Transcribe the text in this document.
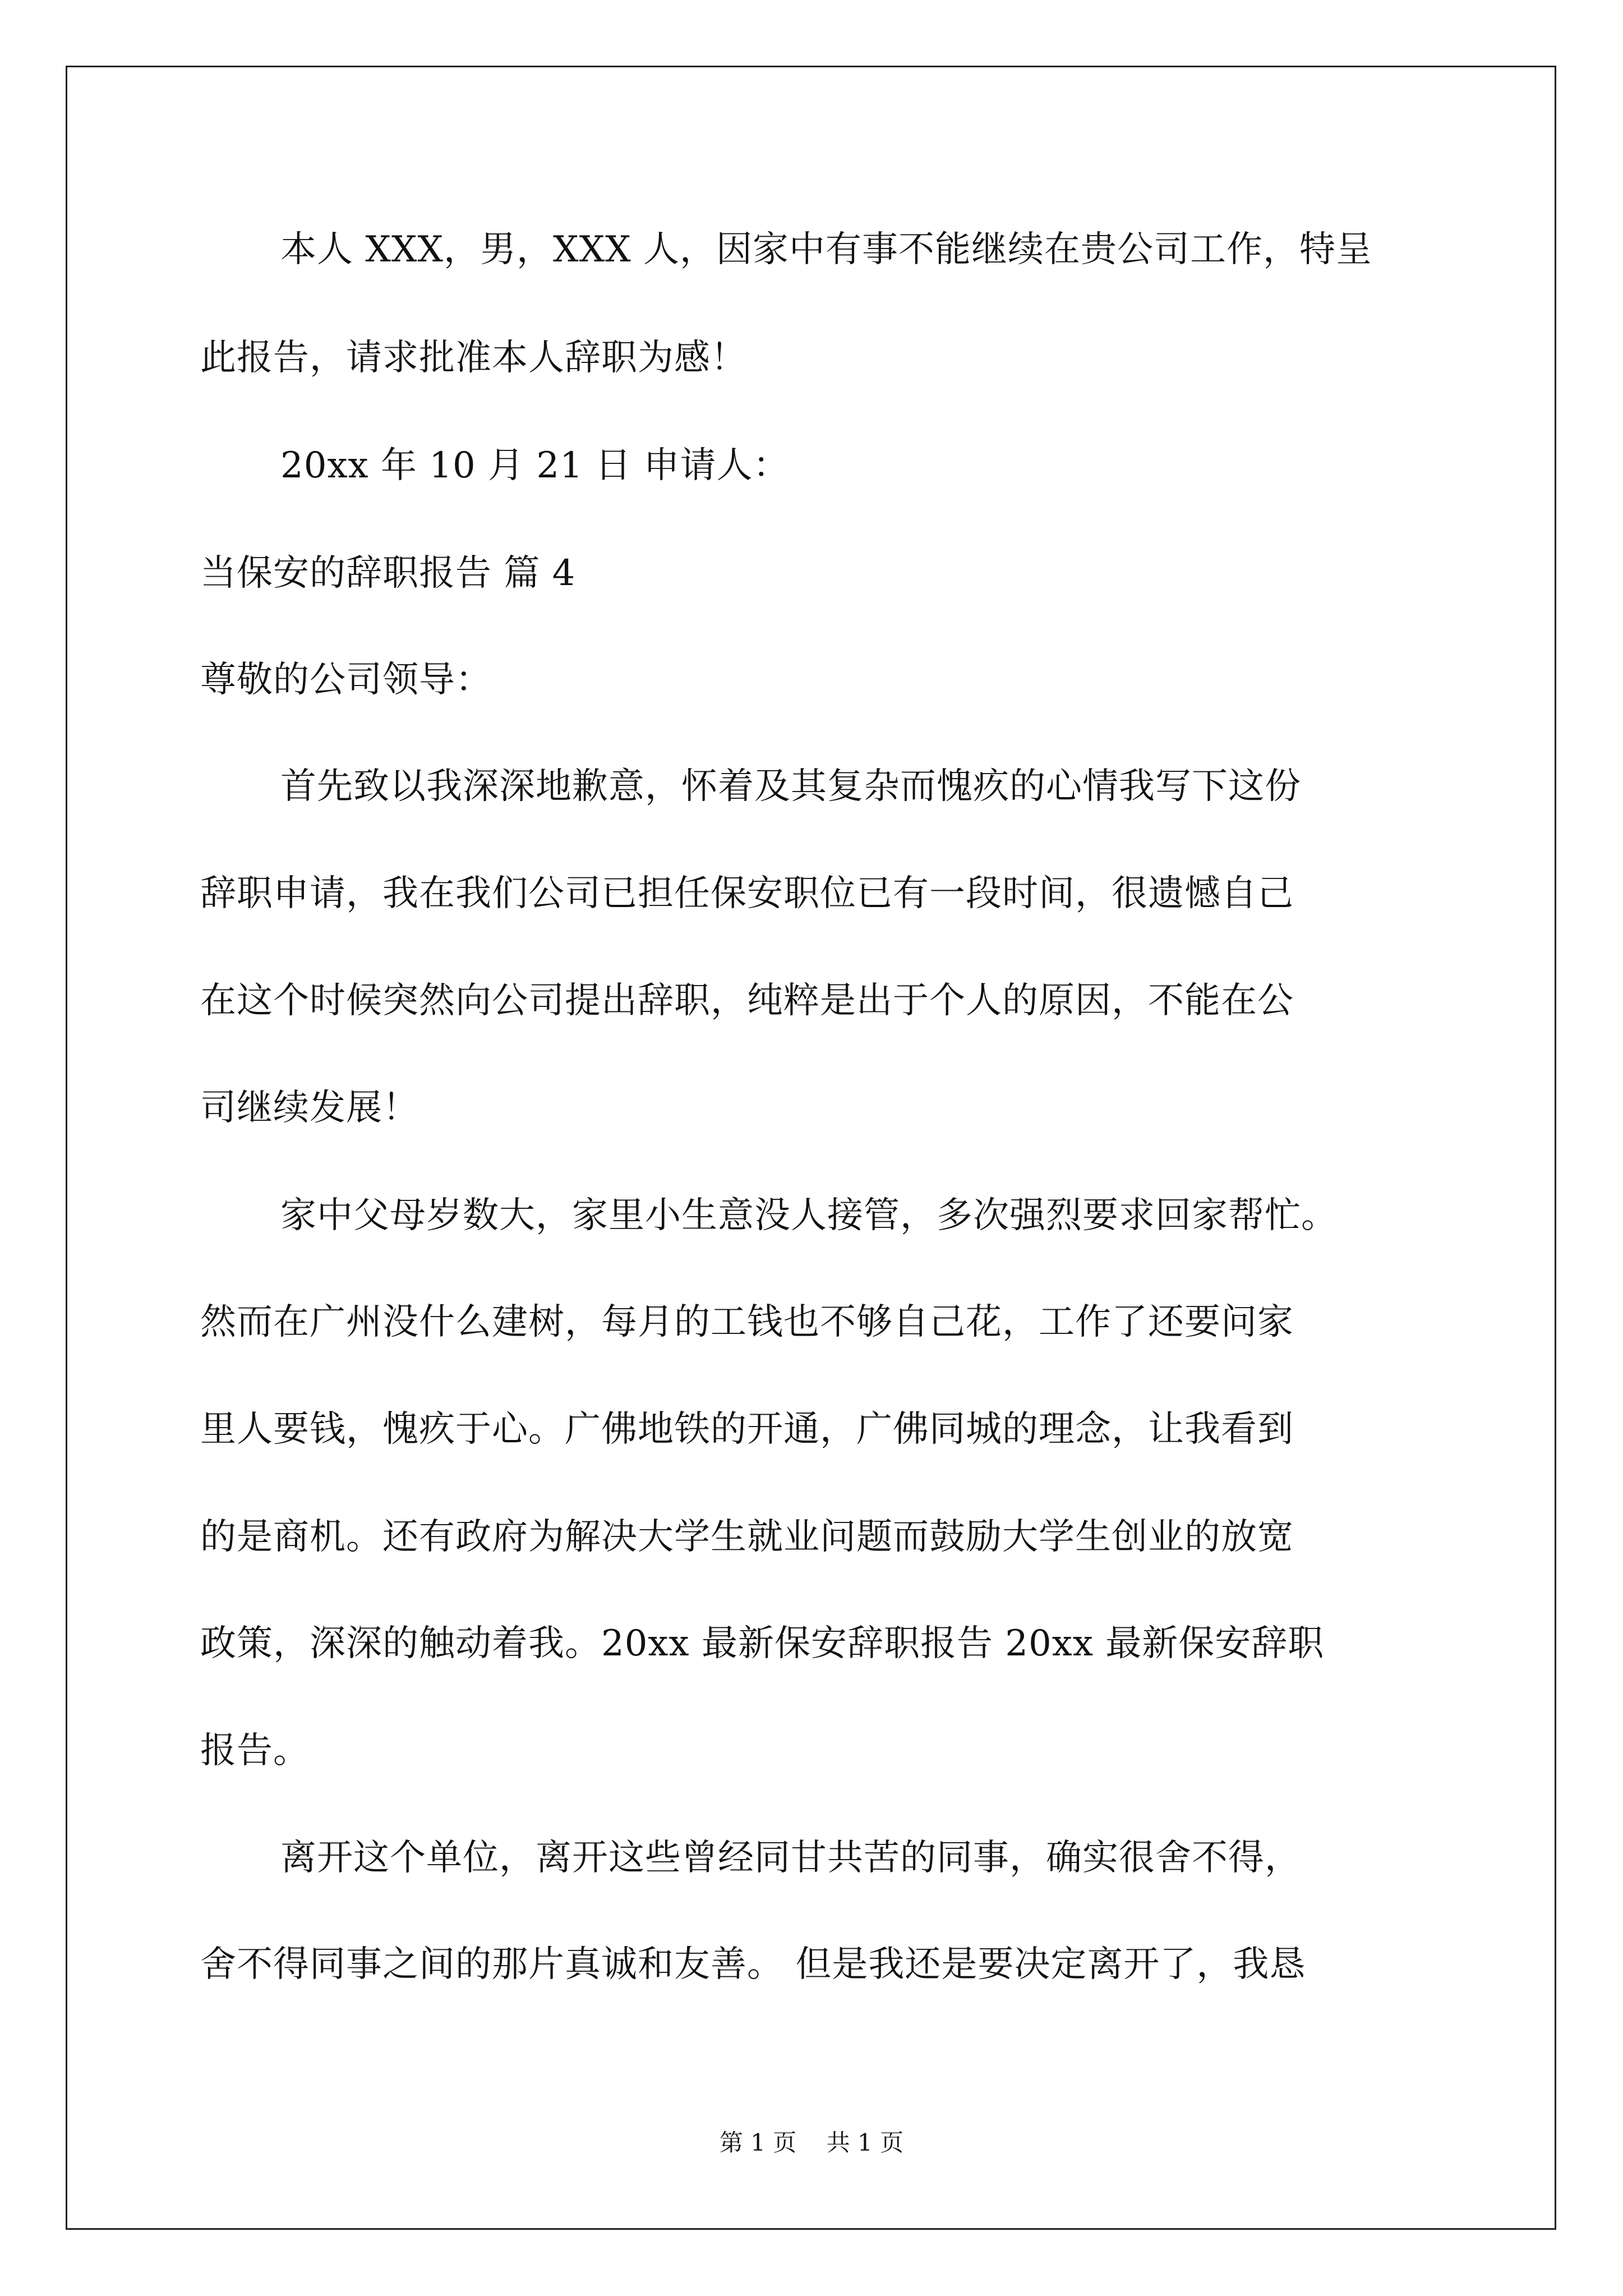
本人 XXX，男，XXX 人，因家中有事不能继续在贵公司工作，特呈
此报告，请求批准本人辞职为感！
20xx 年 10 月 21 日 申请人：
当保安的辞职报告 篇 4
尊敬的公司领导：
首先致以我深深地歉意，怀着及其复杂而愧疚的心情我写下这份
辞职申请，我在我们公司已担任保安职位已有一段时间，很遗憾自己
在这个时候突然向公司提出辞职，纯粹是出于个人的原因，不能在公
司继续发展！
家中父母岁数大，家里小生意没人接管，多次强烈要求回家帮忙。
然而在广州没什么建树，每月的工钱也不够自己花，工作了还要问家
里人要钱，愧疚于心。广佛地铁的开通，广佛同城的理念，让我看到
的是商机。还有政府为解决大学生就业问题而鼓励大学生创业的放宽
政策，深深的触动着我。20xx 最新保安辞职报告 20xx 最新保安辞职
报告。
离开这个单位，离开这些曾经同甘共苦的同事，确实很舍不得，
舍不得同事之间的那片真诚和友善。 但是我还是要决定离开了，我恳
第 1 页    共 1 页
